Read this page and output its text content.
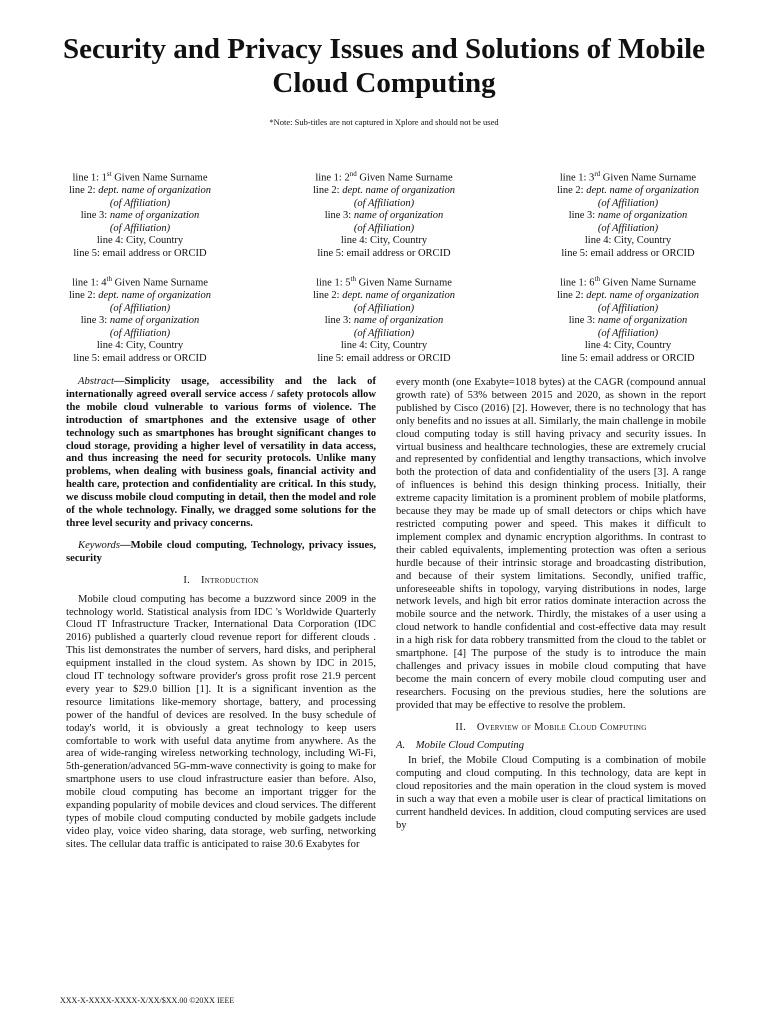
Security and Privacy Issues and Solutions of Mobile Cloud Computing
*Note: Sub-titles are not captured in Xplore and should not be used
line 1: 1st Given Name Surname
line 2: dept. name of organization
(of Affiliation)
line 3: name of organization
(of Affiliation)
line 4: City, Country
line 5: email address or ORCID
line 1: 2nd Given Name Surname
line 2: dept. name of organization
(of Affiliation)
line 3: name of organization
(of Affiliation)
line 4: City, Country
line 5: email address or ORCID
line 1: 3rd Given Name Surname
line 2: dept. name of organization
(of Affiliation)
line 3: name of organization
(of Affiliation)
line 4: City, Country
line 5: email address or ORCID
line 1: 4th Given Name Surname
line 2: dept. name of organization
(of Affiliation)
line 3: name of organization
(of Affiliation)
line 4: City, Country
line 5: email address or ORCID
line 1: 5th Given Name Surname
line 2: dept. name of organization
(of Affiliation)
line 3: name of organization
(of Affiliation)
line 4: City, Country
line 5: email address or ORCID
line 1: 6th Given Name Surname
line 2: dept. name of organization
(of Affiliation)
line 3: name of organization
(of Affiliation)
line 4: City, Country
line 5: email address or ORCID

Abstract—Simplicity usage, accessibility and the lack of internationally agreed overall service access / safety protocols allow the mobile cloud vulnerable to various forms of violence. The introduction of smartphones and the extensive usage of other technology such as smartphones has brought significant changes to cloud storage, providing a higher level of versatility in data access, and thus increasing the need for security protocols. Unlike many problems, when dealing with business goals, financial activity and health care, protection and confidentiality are critical. In this study, we discuss mobile cloud computing in detail, then the model and role of the whole technology. Finally, we dragged some solutions for the three level security and privacy concerns.

Keywords—Mobile cloud computing, Technology, privacy issues, security

I. Introduction

Mobile cloud computing has become a buzzword since 2009 in the technology world. Statistical analysis from IDC 's Worldwide Quarterly Cloud IT Infrastructure Tracker, International Data Corporation (IDC 2016) published a quarterly cloud revenue report for different clouds . This list demonstrates the number of servers, hard disks, and peripheral equipment installed in the cloud system. As shown by IDC in 2015, cloud IT technology software provider's gross profit rose 21.9 percent every year to $29.0 billion [1]. It is a significant invention as the resource limitations like-memory shortage, battery, and processing power of the handful of devices are resolved. In the busy schedule of today's world, it is obviously a great technology to keep users comfortable to work with useful data anytime from anywhere. As the area of wide-ranging wireless networking technology, including Wi-Fi, 5th-generation/advanced 5G-mm-wave connectivity is going to make for smartphone users to use cloud infrastructure easier than before. Also, mobile cloud computing has become an important trigger for the expanding popularity of mobile devices and cloud services. The different types of mobile cloud computing conducted by mobile gadgets include video play, voice video sharing, data storage, web surfing, networking sites. The cellular data traffic is anticipated to raise 30.6 Exabytes for

every month (one Exabyte=1018 bytes) at the CAGR (compound annual growth rate) of 53% between 2015 and 2020, as shown in the report published by Cisco (2016) [2]. However, there is no technology that has only benefits and no issues at all. Similarly, the main challenge in mobile cloud computing today is still having privacy and security issues. In virtual business and healthcare technologies, these are extremely crucial and represented by confidential and lengthy transactions, which involve both the protection of data and confidentiality of the users [3]. A range of influences is behind this design thinking process. Initially, their extreme capacity limitation is a prominent problem of mobile platforms, because they may be made up of small detectors or chips which have restricted computing power and speed. This makes it difficult to implement complex and dynamic encryption algorithms. In contrast to their cabled equivalents, implementing protection was often a serious hurdle because of their intrinsic storage and broadcasting distribution, and because of their system limitations. Secondly, unified traffic, unforeseeable shifts in topology, varying distributions in nodes, large network levels, and high bit error ratios dominate interaction across the mobile source and the network. Thirdly, the mistakes of a user using a cloud network to handle confidential and cost-effective data may result in a high risk for data robbery transmitted from the cloud to the tablet or smartphone. [4] The purpose of the study is to introduce the main challenges and privacy issues in mobile cloud computing that have become the main concern of every mobile cloud computing user and researchers. Focusing on the previous studies, here the solutions are provided that may be effective to resolve the problem.

II. Overview of Mobile Cloud Computing
A. Mobile Cloud Computing

In brief, the Mobile Cloud Computing is a combination of mobile computing and cloud computing. In this technology, data are kept in cloud repositories and the main operation in the cloud system is moved in such a way that even a mobile user is clear of practical limitations on current handheld devices. In addition, cloud computing services are used by

XXX-X-XXXX-XXXX-X/XX/$XX.00 ©20XX IEEE
